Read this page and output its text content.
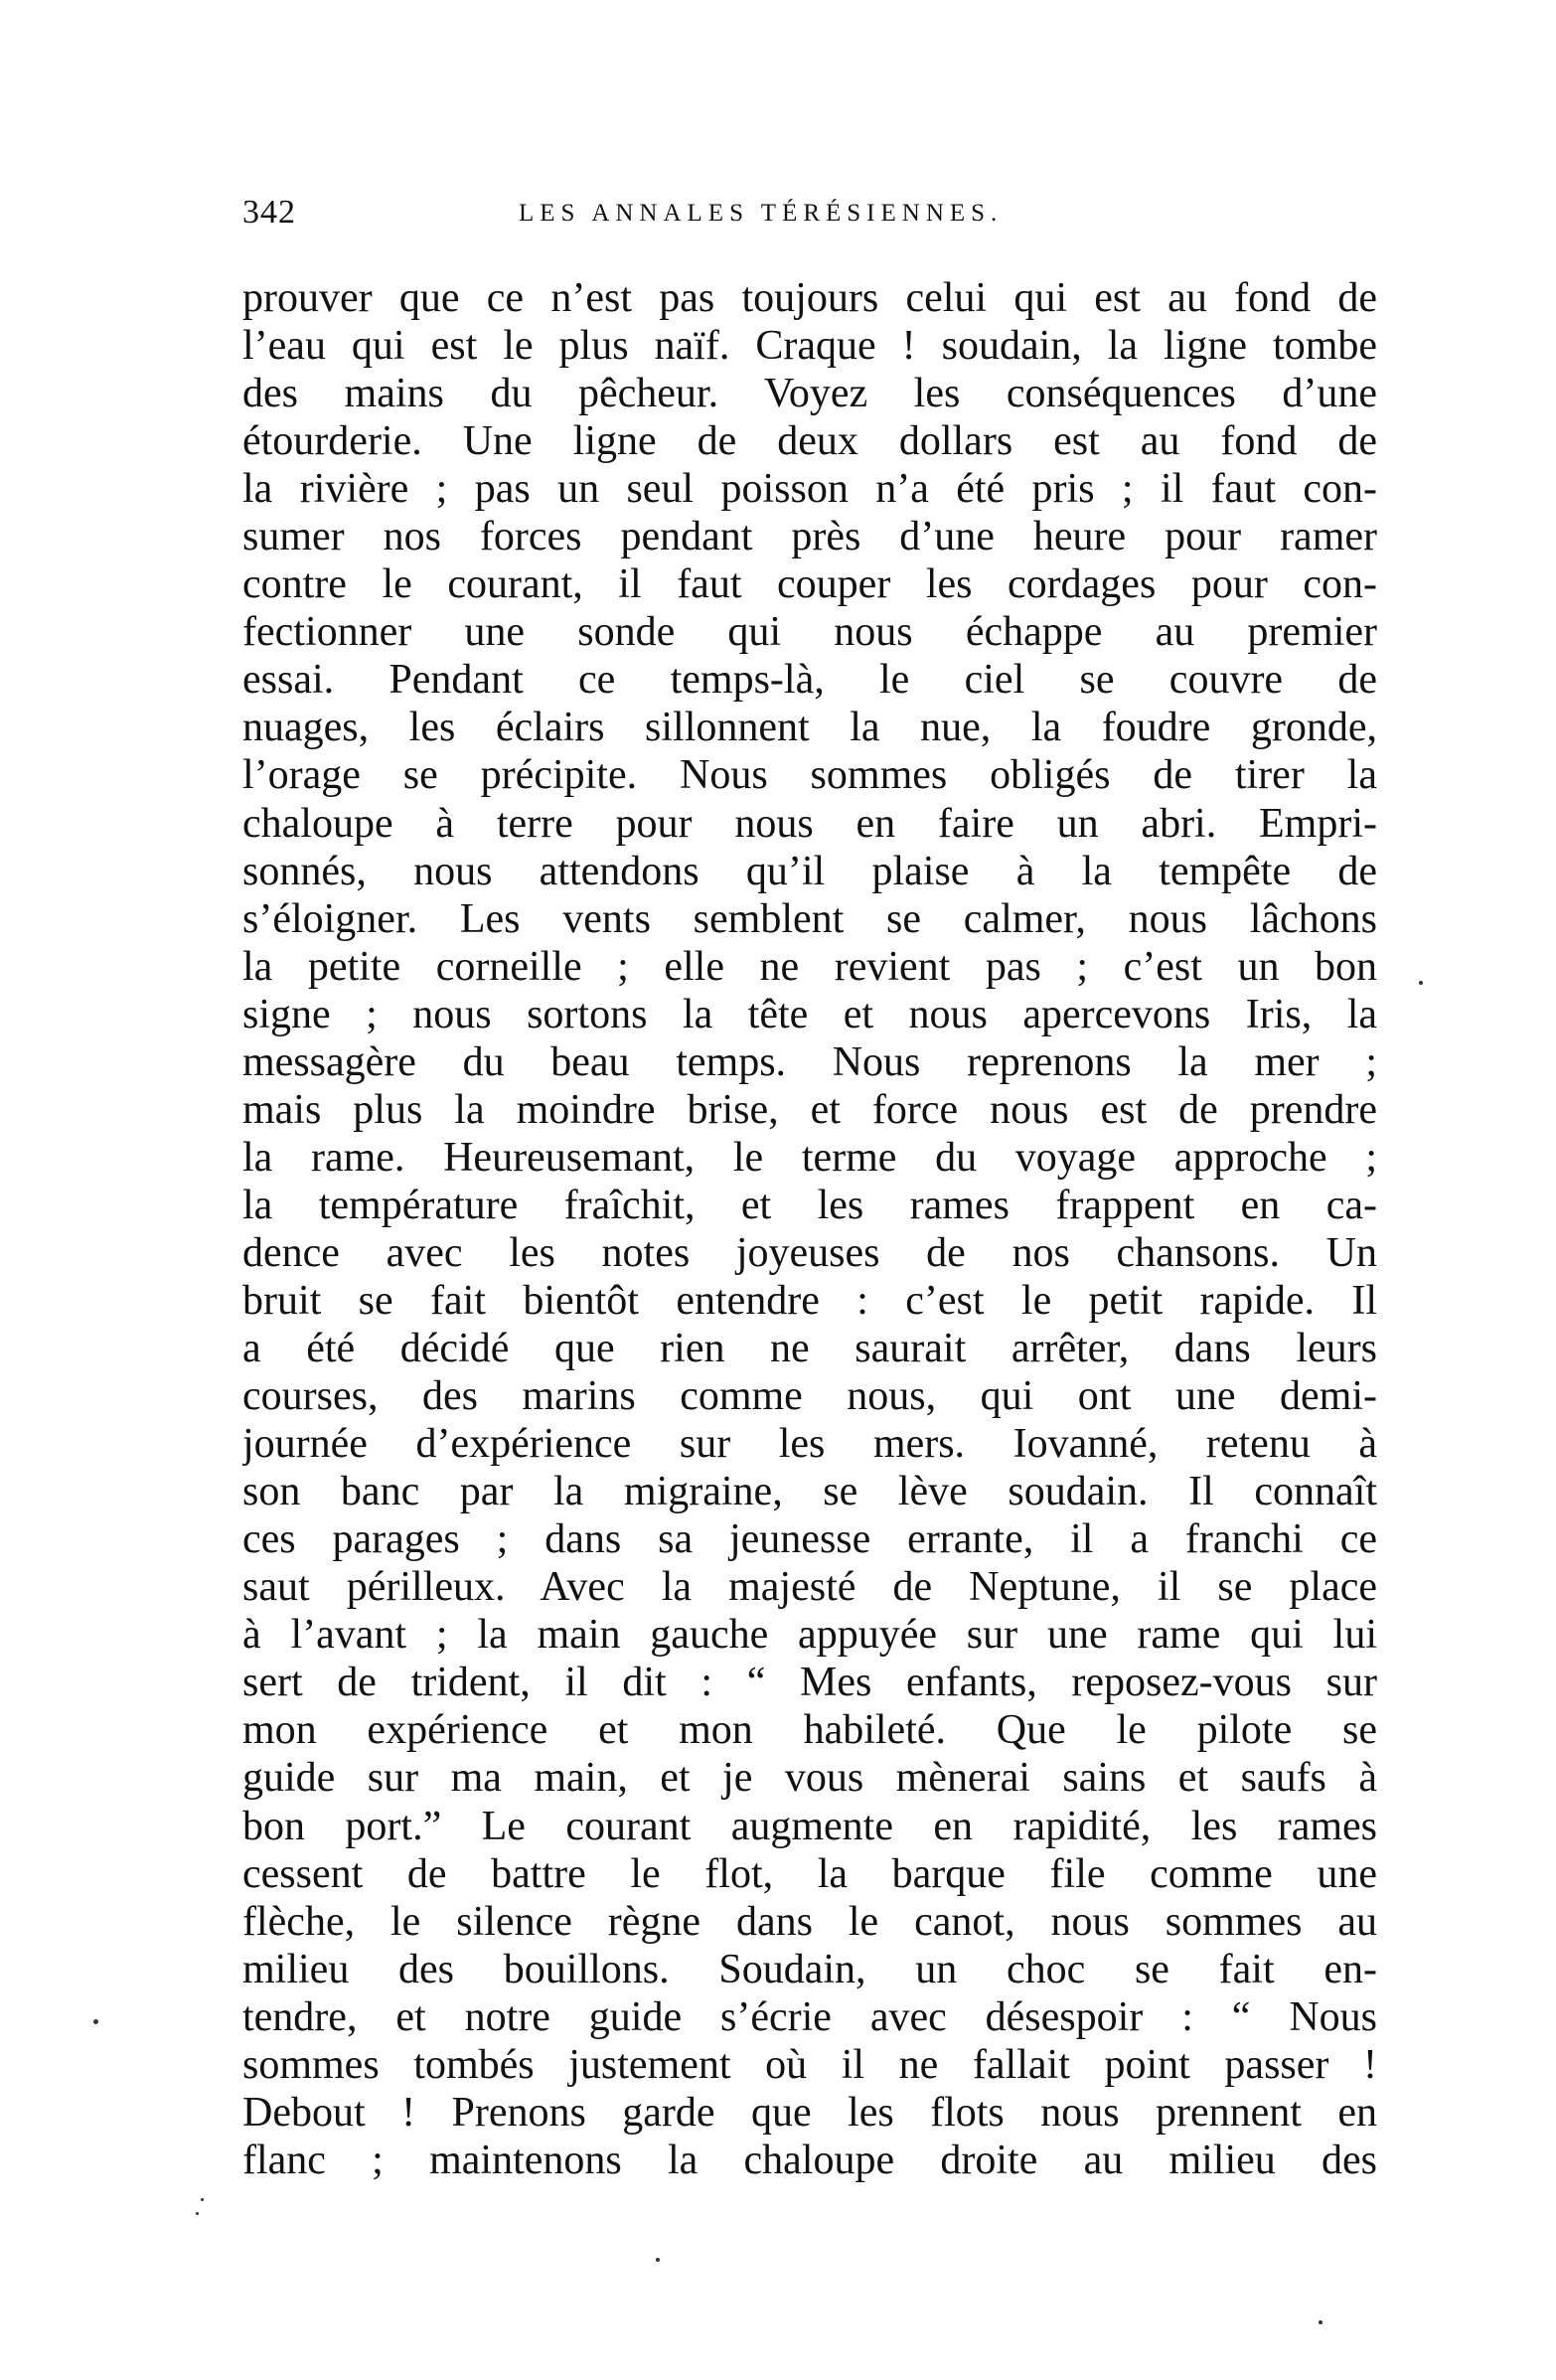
342	LES ANNALES TÉRÉSIENNES.
prouver que ce n’est pas toujours celui qui est au fond de
l’eau qui est le plus naïf. Craque ! soudain, la ligne tombe
des mains du pêcheur. Voyez les conséquences d’une
étourderie. Une ligne de deux dollars est au fond de
la rivière ; pas un seul poisson n’a été pris ; il faut con-
sumer nos forces pendant près d’une heure pour ramer
contre le courant, il faut couper les cordages pour con-
fectionner une sonde qui nous échappe au premier
essai. Pendant ce temps-là, le ciel se couvre de
nuages, les éclairs sillonnent la nue, la foudre gronde,
l’orage se précipite. Nous sommes obligés de tirer la
chaloupe à terre pour nous en faire un abri. Empri-
sonnés, nous attendons qu’il plaise à la tempête de
s’éloigner. Les vents semblent se calmer, nous lâchons
la petite corneille ; elle ne revient pas ; c’est un bon
signe ; nous sortons la tête et nous apercevons Iris, la
messagère du beau temps. Nous reprenons la mer ;
mais plus la moindre brise, et force nous est de prendre
la rame. Heureusemant, le terme du voyage approche ;
la température fraîchit, et les rames frappent en ca-
dence avec les notes joyeuses de nos chansons. Un
bruit se fait bientôt entendre : c’est le petit rapide. Il
a été décidé que rien ne saurait arrêter, dans leurs
courses, des marins comme nous, qui ont une demi-
journée d’expérience sur les mers. Iovanné, retenu à
son banc par la migraine, se lève soudain. Il connaît
ces parages ; dans sa jeunesse errante, il a franchi ce
saut périlleux. Avec la majesté de Neptune, il se place
à l’avant ; la main gauche appuyée sur une rame qui lui
sert de trident, il dit : “ Mes enfants, reposez-vous sur
mon expérience et mon habileté. Que le pilote se
guide sur ma main, et je vous mènerai sains et saufs à
bon port.” Le courant augmente en rapidité, les rames
cessent de battre le flot, la barque file comme une
flèche, le silence règne dans le canot, nous sommes au
milieu des bouillons. Soudain, un choc se fait en-
tendre, et notre guide s’écrie avec désespoir : “ Nous
sommes tombés justement où il ne fallait point passer !
Debout ! Prenons garde que les flots nous prennent en
flanc ; maintenons la chaloupe droite au milieu des
